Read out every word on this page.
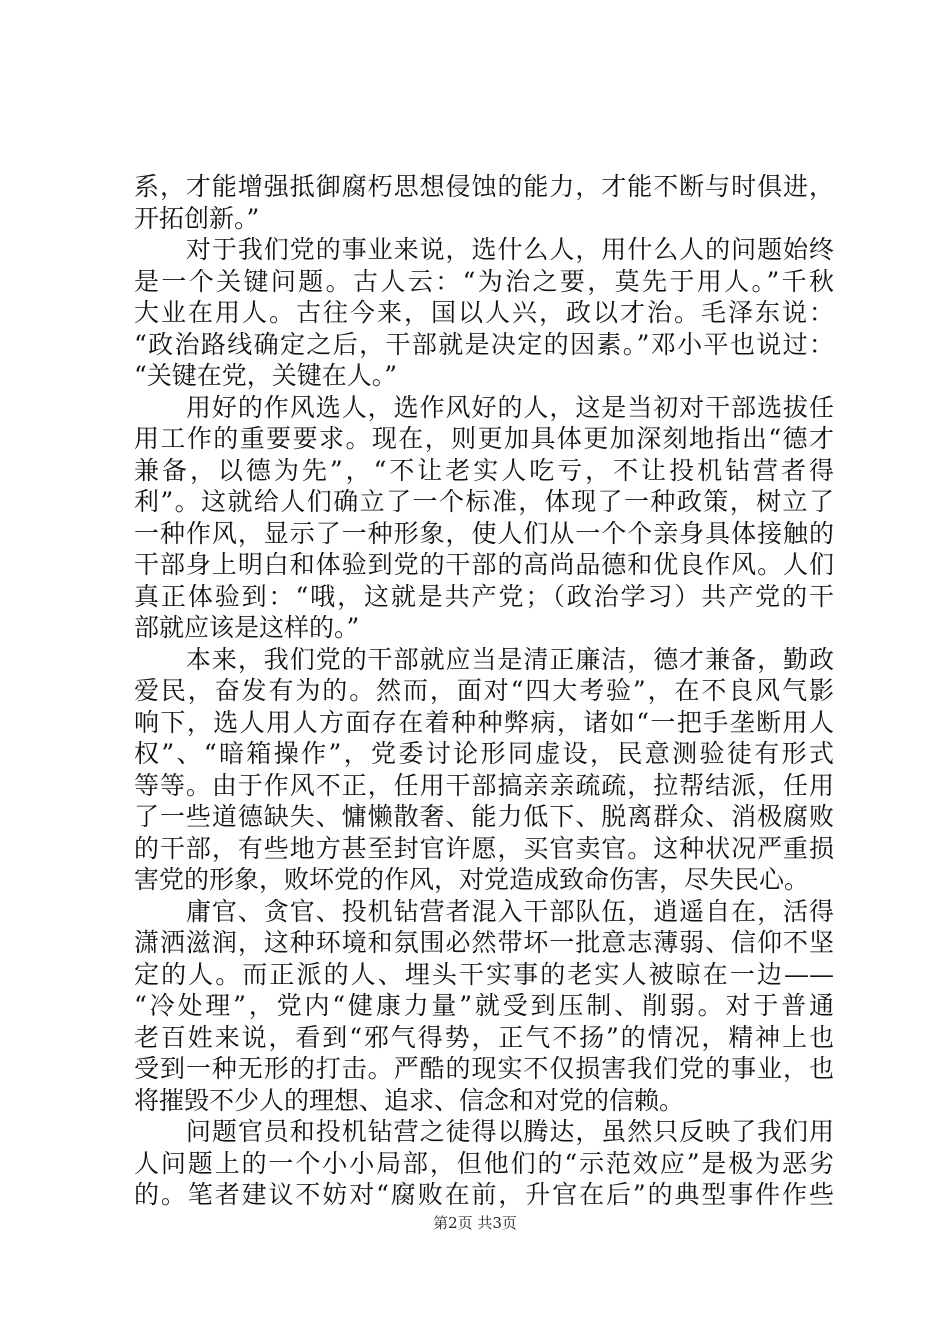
系，才能增强抵御腐朽思想侵蚀的能力，才能不断与时俱进，
开拓创新。”
　　对于我们党的事业来说，选什么人，用什么人的问题始终
是一个关键问题。古人云：“为治之要，莫先于用人。”千秋
大业在用人。古往今来，国以人兴，政以才治。毛泽东说：
“政治路线确定之后，干部就是决定的因素。”邓小平也说过：
“关键在党，关键在人。”
　　用好的作风选人，选作风好的人，这是当初对干部选拔任
用工作的重要要求。现在，则更加具体更加深刻地指出“德才
兼备，以德为先”，“不让老实人吃亏，不让投机钻营者得
利”。这就给人们确立了一个标准，体现了一种政策，树立了
一种作风，显示了一种形象，使人们从一个个亲身具体接触的
干部身上明白和体验到党的干部的高尚品德和优良作风。人们
真正体验到：“哦，这就是共产党；（政治学习）共产党的干
部就应该是这样的。”
　　本来，我们党的干部就应当是清正廉洁，德才兼备，勤政
爱民，奋发有为的。然而，面对“四大考验”，在不良风气影
响下，选人用人方面存在着种种弊病，诸如“一把手垄断用人
权”、“暗箱操作”，党委讨论形同虚设，民意测验徒有形式
等等。由于作风不正，任用干部搞亲亲疏疏，拉帮结派，任用
了一些道德缺失、慵懒散奢、能力低下、脱离群众、消极腐败
的干部，有些地方甚至封官许愿，买官卖官。这种状况严重损
害党的形象，败坏党的作风，对党造成致命伤害，尽失民心。
　　庸官、贪官、投机钻营者混入干部队伍，逍遥自在，活得
潇洒滋润，这种环境和氛围必然带坏一批意志薄弱、信仰不坚
定的人。而正派的人、埋头干实事的老实人被晾在一边——
“冷处理”，党内“健康力量”就受到压制、削弱。对于普通
老百姓来说，看到“邪气得势，正气不扬”的情况，精神上也
受到一种无形的打击。严酷的现实不仅损害我们党的事业，也
将摧毁不少人的理想、追求、信念和对党的信赖。
　　问题官员和投机钻营之徒得以腾达，虽然只反映了我们用
人问题上的一个小小局部，但他们的“示范效应”是极为恶劣
的。笔者建议不妨对“腐败在前，升官在后”的典型事件作些
第2页 共3页
